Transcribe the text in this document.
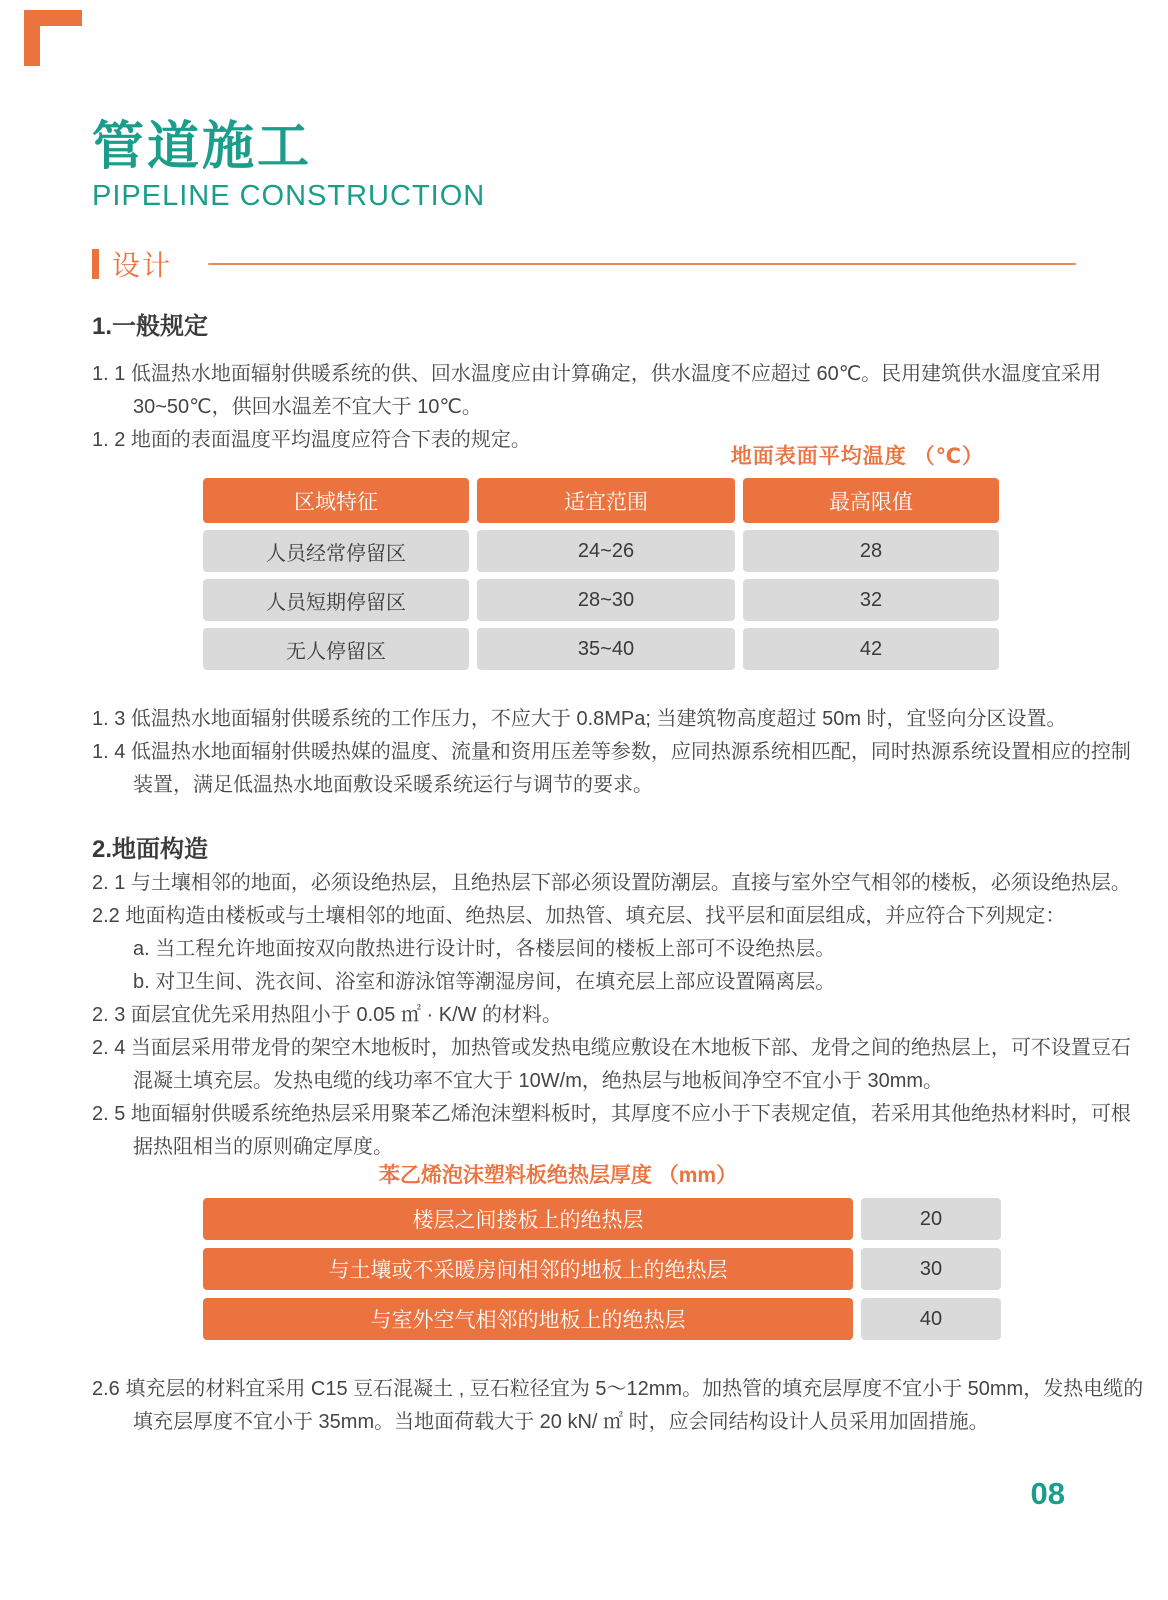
地面表面平均温度 （℃）
管道施工
PIPELINE CONSTRUCTION
设计
1.一般规定
1. 1 低温热水地面辐射供暖系统的供、回水温度应由计算确定，供水温度不应超过 60℃。民用建筑供水温度宜采用
30~50℃，供回水温差不宜大于 10℃。
1. 2 地面的表面温度平均温度应符合下表的规定。
区域特征	适宜范围	最高限值
人员经常停留区	24~26	28
人员短期停留区	28~30	32
无人停留区	35~40	42
1. 3 低温热水地面辐射供暖系统的工作压力，不应大于 0.8MPa; 当建筑物高度超过 50m 时，宜竖向分区设置。
1. 4 低温热水地面辐射供暖热媒的温度、流量和资用压差等参数，应同热源系统相匹配，同时热源系统设置相应的控制
装置，满足低温热水地面敷设采暖系统运行与调节的要求。
2.地面构造
2. 1 与土壤相邻的地面，必须设绝热层，且绝热层下部必须设置防潮层。直接与室外空气相邻的楼板，必须设绝热层。
2.2 地面构造由楼板或与土壤相邻的地面、绝热层、加热管、填充层、找平层和面层组成，并应符合下列规定：
a. 当工程允许地面按双向散热进行设计时，各楼层间的楼板上部可不设绝热层。
b. 对卫生间、洗衣间、浴室和游泳馆等潮湿房间，在填充层上部应设置隔离层。
2. 3 面层宜优先采用热阻小于 0.05 ㎡ · K/W 的材料。
2. 4 当面层采用带龙骨的架空木地板时，加热管或发热电缆应敷设在木地板下部、龙骨之间的绝热层上，可不设置豆石
混凝土填充层。发热电缆的线功率不宜大于 10W/m，绝热层与地板间净空不宜小于 30mm。
2. 5 地面辐射供暖系统绝热层采用聚苯乙烯泡沫塑料板时，其厚度不应小于下表规定值，若采用其他绝热材料时，可根
据热阻相当的原则确定厚度。
苯乙烯泡沫塑料板绝热层厚度 （mm）
楼层之间搂板上的绝热层	20
与土壤或不采暖房间相邻的地板上的绝热层	30
与室外空气相邻的地板上的绝热层	40
2.6 填充层的材料宜采用 C15 豆石混凝土 , 豆石粒径宜为 5～12mm。加热管的填充层厚度不宜小于 50mm，发热电缆的
填充层厚度不宜小于 35mm。当地面荷载大于 20 kN/ ㎡ 时，应会同结构设计人员采用加固措施。
08
